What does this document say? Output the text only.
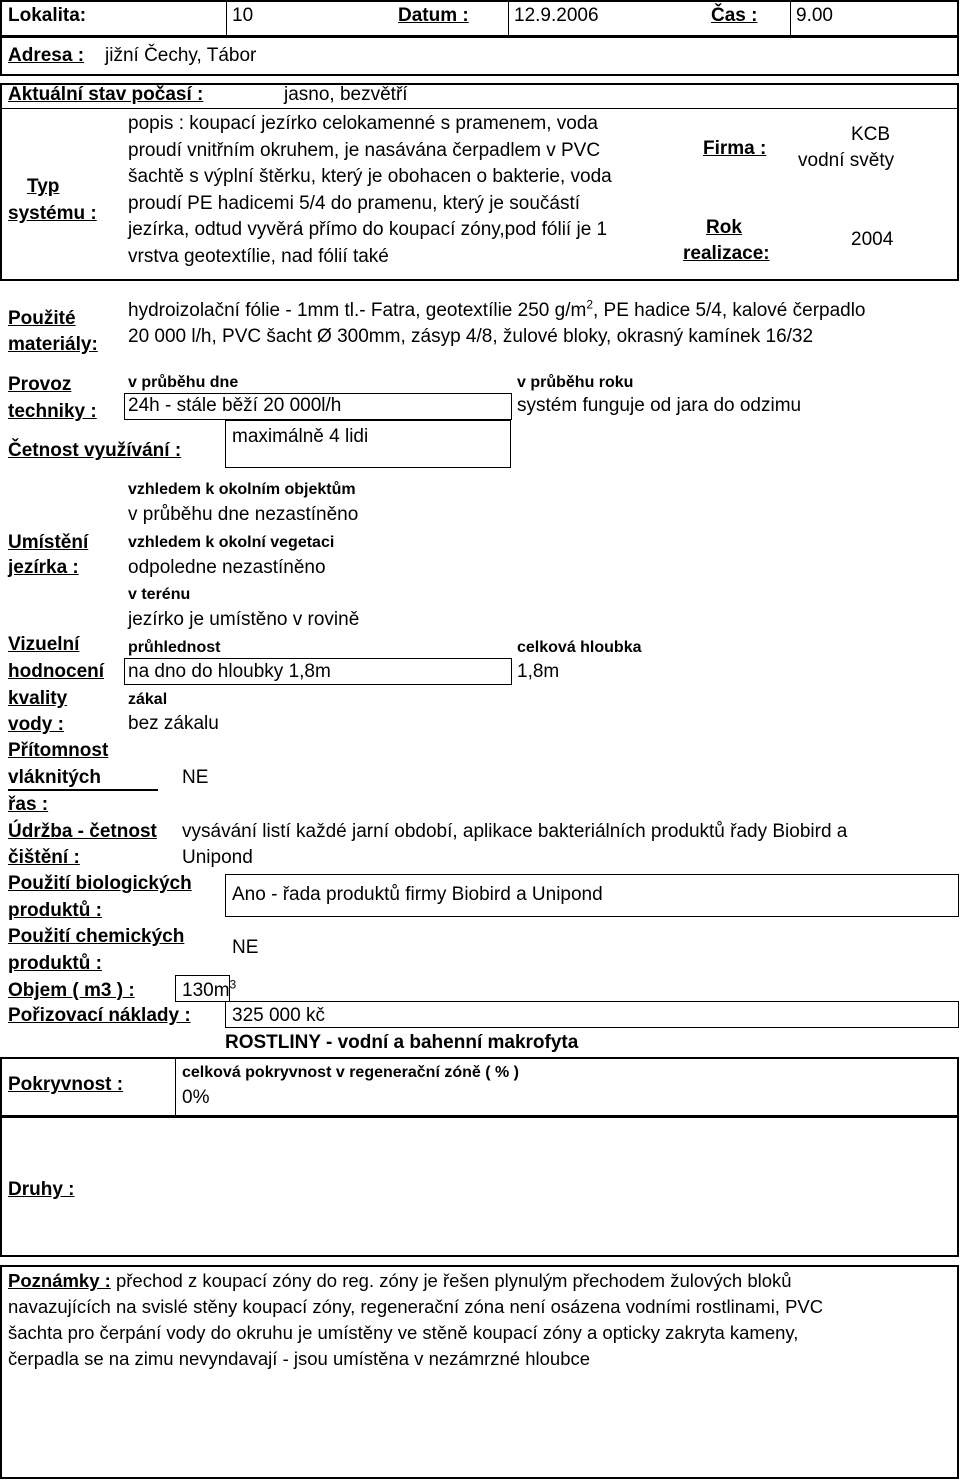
Lokalita:	10	Datum : 12.9.2006	Čas : 9.00
Adresa : jižní Čechy, Tábor
Aktuální stav počasí :	jasno, bezvětří
Typ
systému :
popis : koupací jezírko celokamenné s pramenem, voda
proudí vnitřním okruhem, je nasávána čerpadlem v PVC
šachtě s výplní štěrku, který je obohacen o bakterie, voda
proudí PE hadicemi 5/4 do pramenu, který je součástí
jezírka, odtud vyvěrá přímo do koupací zóny,pod fólií je 1
vrstva geotextílie, nad fólií také
Firma :
KCB
vodní světy
Rok
realizace:
2004
Použité
materiály:
hydroizolační fólie - 1mm tl.- Fatra, geotextílie 250 $g/m^2$, PE hadice 5/4, kalové čerpadlo
20 000 l/h, PVC šacht Ø 300mm, zásyp 4/8, žulové bloky, okrasný kamínek 16/32
Provoz
techniky :
v průběhu dne
24h - stále běží 20 000l/h
v průběhu roku
systém funguje od jara do odzimu
Četnost využívání :
maximálně 4 lidi
vzhledem k okolním objektům
v průběhu dne nezastíněno
Umístění
jezírka :
vzhledem k okolní vegetaci
odpoledne nezastíněno
v terénu
jezírko je umístěno v rovině
Vizuelní
hodnocení
kvality
vody :
průhlednost
na dno do hloubky 1,8m
celková hloubka
1,8m
zákal
bez zákalu
Přítomnost
vláknitých
řas :
NE
Údržba - četnost
čištění :
vysávání listí každé jarní období, aplikace bakteriálních produktů řady Biobird a
Unipond
Použití biologických
produktů :
Ano - řada produktů firmy Biobird a Unipond
Použití chemických
produktů :
NE
Objem ( m3 ) : $130m^3$
Pořizovací náklady : 325 000 kč
ROSTLINY - vodní a bahenní makrofyta
Pokryvnost :
celková pokryvnost v regenerační zóně ( % )
0%
Druhy :
Poznámky : přechod z koupací zóny do reg. zóny je řešen plynulým přechodem žulových bloků
navazujících na svislé stěny koupací zóny, regenerační zóna není osázena vodními rostlinami, PVC
šachta pro čerpání vody do okruhu je umístěny ve stěně koupací zóny a opticky zakryta kameny,
čerpadla se na zimu nevyndavají - jsou umístěna v nezámrzné hloubce
